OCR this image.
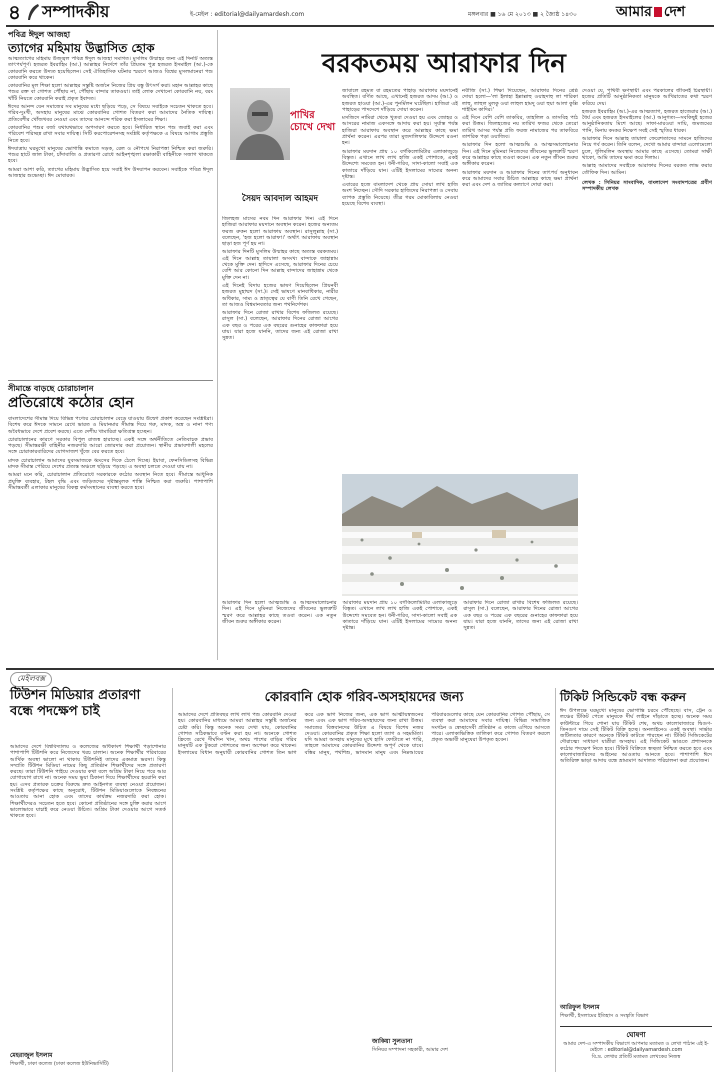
৪ সম্পাদকীয়	ই-মেইল : editorial@dailyamardesh.com	মঙ্গলবার ■ ১৬ মে ২০১৩ ■ ২ জ্যৈষ্ঠ ১৪৩০	আমার দেশ
পবিত্র ঈদুল আজহা
ত্যাগের মহিমায় উদ্ভাসিত হোক

আত্মত্যাগের মহিমায় উজ্জ্বল পবিত্র ঈদুল আজহা সমাগত। মুসলিম উম্মাহর জন্য এই দিনটি অত্যন্ত তাৎপর্যপূর্ণ। হজরত ইবরাহিম (আ.) আল্লাহর নির্দেশে তাঁর প্রিয়তম পুত্র হজরত ইসমাইল (আ.)-কে কোরবানি করতে উদ্যত হয়েছিলেন। সেই ঐতিহাসিক ঘটনার স্মরণে আজও বিশ্বের মুসলমানেরা পশু কোরবানি করে থাকেন।

কোরবানির মূল শিক্ষা হলো আল্লাহর সন্তুষ্টি অর্জনে নিজের প্রিয় বস্তু উৎসর্গ করা। মহান আল্লাহর কাছে পশুর রক্ত বা গোশত পৌঁছায় না, পৌঁছায় বান্দার তাকওয়া। তাই লোক দেখানো কোরবানি নয়, বরং খাঁটি নিয়তে কোরবানি করাই প্রকৃত ইবাদত।

ঈদের আনন্দ যেন সমাজের সব মানুষের মধ্যে ছড়িয়ে পড়ে, সে বিষয়ে সবাইকে সচেতন থাকতে হবে। গরিব-দুঃখী, অসহায় মানুষের মাঝে কোরবানির গোশত বিতরণ করা আমাদের নৈতিক দায়িত্ব। প্রতিবেশীর খোঁজখবর নেওয়া এবং তাদের আনন্দে শরিক করা ইসলামের শিক্ষা।

কোরবানির পশুর বর্জ্য যথাযথভাবে অপসারণ করতে হবে। নির্ধারিত স্থানে পশু জবাই করা এবং পরিবেশ পরিচ্ছন্ন রাখা সবার দায়িত্ব। সিটি করপোরেশনসহ সংশ্লিষ্ট কর্তৃপক্ষকে এ বিষয়ে আগাম প্রস্তুতি নিতে হবে।

ঈদযাত্রায় ঘরমুখো মানুষের ভোগান্তি কমাতে সড়ক, রেল ও নৌপথে নিরাপত্তা নিশ্চিত করা জরুরি। পশুর হাটে জাল টাকা, চাঁদাবাজি ও প্রতারণা রোধে আইনশৃঙ্খলা রক্ষাকারী বাহিনীকে সজাগ থাকতে হবে।

আমরা আশা করি, ত্যাগের মহিমায় উদ্ভাসিত হয়ে সবাই ঈদ উদযাপন করবেন। সবাইকে পবিত্র ঈদুল আজহার শুভেচ্ছা। ঈদ মোবারক।

সীমান্তে বাড়ছে চোরাচালান
প্রতিরোধে কঠোর হোন

বাংলাদেশের সীমান্ত দিয়ে বিভিন্ন পণ্যের চোরাচালান বেড়ে যাওয়ায় উদ্বেগ প্রকাশ করেছেন সংশ্লিষ্টরা। বিশেষ করে ঈদকে সামনে রেখে ভারত ও মিয়ানমার সীমান্ত দিয়ে গরু, মাদক, অস্ত্র ও নানা পণ্য অবৈধভাবে দেশে প্রবেশ করছে। এতে দেশীয় খামারিরা ক্ষতিগ্রস্ত হচ্ছেন।

চোরাচালানের কারণে সরকার বিপুল রাজস্ব হারাচ্ছে। একই সঙ্গে অর্থনীতিতে নেতিবাচক প্রভাব পড়ছে। সীমান্তরক্ষী বাহিনীর নজরদারি আরো জোরদার করা প্রয়োজন। স্থানীয় প্রভাবশালী মহলের সঙ্গে চোরাকারবারিদের যোগসাজশ খুঁজে বের করতে হবে।

মাদক চোরাচালান আমাদের যুবসমাজকে ধ্বংসের দিকে ঠেলে দিচ্ছে। ইয়াবা, ফেনসিডিলসহ বিভিন্ন মাদক সীমান্ত পেরিয়ে দেশের প্রত্যন্ত অঞ্চলে ছড়িয়ে পড়ছে। এ অবস্থা চলতে দেওয়া যায় না।

আমরা মনে করি, চোরাচালান প্রতিরোধে সরকারকে কঠোর অবস্থান নিতে হবে। সীমান্তে আধুনিক প্রযুক্তি ব্যবহার, টহল বৃদ্ধি এবং জড়িতদের দৃষ্টান্তমূলক শাস্তি নিশ্চিত করা জরুরি। পাশাপাশি সীমান্তবর্তী এলাকার মানুষের বিকল্প কর্মসংস্থানের ব্যবস্থা করতে হবে।

বরকতময় আরাফার দিন
পাখির চোখে দেখা
সৈয়দ আবদাল আহমদ

জিলহজ মাসের নবম দিন আরাফার দিন। এই দিনে হাজিরা আরাফার ময়দানে অবস্থান করেন। হজের অন্যতম ফরজ রুকন হলো আরাফায় অবস্থান। রাসুলুল্লাহ (সা.) বলেছেন, 'হজ হলো আরাফা।' অর্থাৎ আরাফায় অবস্থান ছাড়া হজ পূর্ণ হয় না।

আরাফার দিনটি মুসলিম উম্মাহর কাছে অত্যন্ত বরকতময়। এই দিনে আল্লাহ তায়ালা অসংখ্য বান্দাকে জাহান্নাম থেকে মুক্তি দেন। হাদিসে এসেছে, আরাফার দিনের চেয়ে বেশি আর কোনো দিন আল্লাহ বান্দাদের জাহান্নাম থেকে মুক্তি দেন না।

এই দিনেই বিদায় হজের ভাষণ দিয়েছিলেন প্রিয়নবী হজরত মুহাম্মদ (সা.)। সেই ভাষণে মানবাধিকার, নারীর অধিকার, সাম্য ও ভ্রাতৃত্বের যে বাণী তিনি রেখে গেছেন, তা আজও বিশ্বমানবতার জন্য পথনির্দেশক।

আরাফার দিনে রোজা রাখার বিশেষ ফজিলত রয়েছে। রাসুল (সা.) বলেছেন, আরাফার দিনের রোজা আগের এক বছর ও পরের এক বছরের গুনাহের কাফফারা হয়ে যায়। যারা হজে যাননি, তাদের জন্য এই রোজা রাখা সুন্নত।

জাবালে রহমত বা রহমতের পাহাড় আরাফার ময়দানেই অবস্থিত। বর্ণিত আছে, এখানেই হজরত আদম (আ.) ও হজরত হাওয়া (আ.)-এর পুনর্মিলন ঘটেছিল। হাজিরা এই পাহাড়ের পাদদেশে দাঁড়িয়ে দোয়া করেন।

মসজিদে নামিরা থেকে খুতবা দেওয়া হয় এবং জোহর ও আসরের নামাজ একসঙ্গে আদায় করা হয়। সূর্যাস্ত পর্যন্ত হাজিরা আরাফায় অবস্থান করে আল্লাহর কাছে ক্ষমা প্রার্থনা করেন। এরপর তারা মুজদালিফার উদ্দেশে রওনা হন।

আরাফার ময়দান প্রায় ১০ বর্গকিলোমিটার এলাকাজুড়ে বিস্তৃত। এখানে লাখ লাখ হাজি একই পোশাকে, একই উদ্দেশ্যে সমবেত হন। ধনী-গরিব, সাদা-কালো সবাই এক কাতারে দাঁড়িয়ে যান। এটিই ইসলামের সাম্যের অনন্য দৃষ্টান্ত।

এবারের হজে বাংলাদেশ থেকে প্রায় সোয়া লাখ হাজি অংশ নিচ্ছেন। সৌদি সরকার হাজিদের নিরাপত্তা ও সেবায় ব্যাপক প্রস্তুতি নিয়েছে। তীব্র গরম মোকাবিলায় নেওয়া হয়েছে বিশেষ ব্যবস্থা।

নবীজি (সা.) শিক্ষা দিয়েছেন, আরাফার দিনের শ্রেষ্ঠ দোয়া হলো—'লা ইলাহা ইল্লাল্লাহু ওয়াহদাহু লা শারিকা লাহু, লাহুল মুলকু ওয়া লাহুল হামদু ওয়া হুয়া আলা কুল্লি শাইয়িন কাদির।'

এই দিনে বেশি বেশি তাকবির, তাহলিল ও তাসবিহ পাঠ করা উত্তম। জিলহজের নয় তারিখ ফজর থেকে তেরো তারিখ আসর পর্যন্ত প্রতি ফরজ নামাজের পর তাকবিরে তাশরিক পড়া ওয়াজিব।

আরাফার দিন হলো আত্মশুদ্ধি ও আত্মসমালোচনার দিন। এই দিনে মুমিনরা নিজেদের জীবনের ভুলত্রুটি স্মরণ করে আল্লাহর কাছে তওবা করেন। এক নতুন জীবন শুরুর অঙ্গীকার করেন।

আরাফার ময়দান ও আরাফার দিনের তাৎপর্য অনুধাবন করে আমাদের সবার উচিত আল্লাহর কাছে ক্ষমা প্রার্থনা করা এবং দেশ ও জাতির কল্যাণে দোয়া করা।

দেওয়া যে, পৃথিবী ক্ষণস্থায়ী এবং পরকালের জীবনই চিরস্থায়ী। হজের প্রতিটি আনুষ্ঠানিকতা মানুষকে আখিরাতের কথা স্মরণ করিয়ে দেয়।

হজরত ইবরাহিম (আ.)-এর আত্মত্যাগ, হজরত হাজেরার (আ.) ধৈর্য এবং হজরত ইসমাইলের (আ.) আনুগত্য—সবকিছুই হজের আনুষ্ঠানিকতায় মিশে আছে। সাফা-মারওয়া সায়ি, জমজমের পানি, মিনায় কংকর নিক্ষেপ সবই সেই স্মৃতির ধারক।

আরাফার দিনে আল্লাহ তায়ালা ফেরেশতাদের সামনে হাজিদের নিয়ে গর্ব করেন। তিনি বলেন, দেখো আমার বান্দারা এলোমেলো চুলে, ধূলিমলিন অবস্থায় আমার কাছে এসেছে। তোমরা সাক্ষী থাকো, আমি তাদের ক্ষমা করে দিলাম।

আল্লাহ আমাদের সবাইকে আরাফার দিনের বরকত লাভ করার তৌফিক দিন। আমিন।

লেখক : সিনিয়র সাংবাদিক, বাংলাদেশ সংবাদপত্রের প্রবীণ সম্পাদকীয় লেখক

আরাফার দিন হলো আত্মশুদ্ধি ও আত্মসমালোচনার দিন। এই দিনে মুমিনরা নিজেদের জীবনের ভুলত্রুটি স্মরণ করে আল্লাহর কাছে তওবা করেন। এক নতুন জীবন শুরুর অঙ্গীকার করেন।

আরাফার ময়দান প্রায় ১০ বর্গকিলোমিটার এলাকাজুড়ে বিস্তৃত। এখানে লাখ লাখ হাজি একই পোশাকে, একই উদ্দেশ্যে সমবেত হন। ধনী-গরিব, সাদা-কালো সবাই এক কাতারে দাঁড়িয়ে যান। এটিই ইসলামের সাম্যের অনন্য দৃষ্টান্ত।

আরাফার দিনে রোজা রাখার বিশেষ ফজিলত রয়েছে। রাসুল (সা.) বলেছেন, আরাফার দিনের রোজা আগের এক বছর ও পরের এক বছরের গুনাহের কাফফারা হয়ে যায়। যারা হজে যাননি, তাদের জন্য এই রোজা রাখা সুন্নত।

মেইলবক্স
টিউশন মিডিয়ার প্রতারণা বন্ধে পদক্ষেপ চাই
আমাদের দেশে বিশ্ববিদ্যালয় ও কলেজের অধিকাংশ শিক্ষার্থী পড়াশোনার পাশাপাশি টিউশনি করে নিজেদের খরচ চালান। অনেক শিক্ষার্থীর পরিবারের আর্থিক অবস্থা ভালো না থাকায় টিউশনিই তাদের একমাত্র ভরসা। কিন্তু সম্প্রতি টিউশন মিডিয়া নামের কিছু প্রতিষ্ঠান শিক্ষার্থীদের সঙ্গে প্রতারণা করছে। তারা টিউশনি পাইয়ে দেওয়ার কথা বলে অগ্রিম টাকা নিয়ে পরে আর যোগাযোগ রাখে না। অনেক সময় ভুয়া ঠিকানা দিয়ে শিক্ষার্থীদের হয়রানি করা হয়। এসব প্রতারক চক্রের বিরুদ্ধে দ্রুত আইনগত ব্যবস্থা নেওয়া প্রয়োজন। সংশ্লিষ্ট কর্তৃপক্ষের কাছে অনুরোধ, টিউশন মিডিয়াগুলোকে নিবন্ধনের আওতায় আনা হোক এবং তাদের কার্যক্রম নজরদারি করা হোক। শিক্ষার্থীদেরও সচেতন হতে হবে। কোনো প্রতিষ্ঠানের সঙ্গে চুক্তি করার আগে ভালোভাবে যাচাই করে নেওয়া উচিত। অগ্রিম টাকা দেওয়ার আগে সতর্ক থাকতে হবে।
মেহরাজুল ইসলাম
শিক্ষার্থী, ঢাকা কলেজ (ঢাকা কলেজ ইউনিভার্সিটি)
কোরবানি হোক গরিব-অসহায়দের জন্য
আমাদের দেশে প্রতিবছর লাখ লাখ পশু কোরবানি দেওয়া হয়। কোরবানির মাধ্যমে আমরা আল্লাহর সন্তুষ্টি অর্জনের চেষ্টা করি। কিন্তু অনেক সময় দেখা যায়, কোরবানির গোশত সঠিকভাবে বণ্টন করা হয় না। অনেকে গোশত ফ্রিজে রেখে দীর্ঘদিন খান, অথচ পাশের বাড়ির গরিব মানুষটি এক টুকরো গোশতের জন্য অপেক্ষা করে থাকেন। ইসলামের বিধান অনুযায়ী কোরবানির গোশত তিন ভাগ করে এক ভাগ নিজের জন্য, এক ভাগ আত্মীয়স্বজনের জন্য এবং এক ভাগ গরিব-অসহায়দের জন্য রাখা উত্তম। সমাজের বিত্তবানদের উচিত এ বিষয়ে বিশেষ নজর দেওয়া। কোরবানির প্রকৃত শিক্ষা হলো ত্যাগ ও সহমর্মিতা। যদি আমরা অসহায় মানুষের মুখে হাসি ফোটাতে না পারি, তাহলে আমাদের কোরবানির উদ্দেশ্য অপূর্ণ থেকে যাবে। বস্তির মানুষ, পথশিশু, ভাসমান মানুষ এবং নিম্নআয়ের পরিবারগুলোর কাছে যেন কোরবানির গোশত পৌঁছায়, সে ব্যবস্থা করা আমাদের সবার দায়িত্ব। বিভিন্ন সামাজিক সংগঠন ও স্বেচ্ছাসেবী প্রতিষ্ঠান এ কাজে এগিয়ে আসতে পারে। এলাকাভিত্তিক তালিকা করে গোশত বিতরণ করলে প্রকৃত অভাবী মানুষেরা উপকৃত হবেন।
জাকিয়া সুলতানা
সিনিয়র সম্পাদনা সহকারী, আমার দেশ
টিকিট সিন্ডিকেট বন্ধ করুন
ঈদ উপলক্ষে ঘরমুখো মানুষের ভোগান্তি চরমে পৌঁছেছে। বাস, ট্রেন ও লঞ্চের টিকিট পেতে মানুষকে দীর্ঘ লাইনে দাঁড়াতে হচ্ছে। অনেক সময় কাউন্টারে গিয়ে শোনা যায় টিকিট শেষ, অথচ কালোবাজারে দ্বিগুণ-তিনগুণ দামে সেই টিকিট বিক্রি হচ্ছে। অনলাইনেও একই অবস্থা। সার্ভার জটিলতার কারণে অনেকে টিকিট কাটতে পারছেন না। টিকিট সিন্ডিকেটের দৌরাত্ম্যে সাধারণ যাত্রীরা অসহায়। এই সিন্ডিকেট ভাঙতে প্রশাসনকে কঠোর পদক্ষেপ নিতে হবে। টিকিট বিক্রিতে স্বচ্ছতা নিশ্চিত করতে হবে এবং কালোবাজারিদের আইনের আওতায় আনতে হবে। পাশাপাশি ঈদে অতিরিক্ত ভাড়া আদায় বন্ধে ভ্রাম্যমাণ আদালত পরিচালনা করা প্রয়োজন।
আরিফুল ইসলাম
শিক্ষার্থী, ইসলামের ইতিহাস ও সংস্কৃতি বিভাগ
ঘোষণা
আমার দেশ-এ সম্পাদকীয় বিভাগে আপনার মতামত ও লেখা পাঠান এই ই-মেইলে : editorial@dailyamardesh.com
বি.দ্র. লেখার প্রতিটি মতামত লেখকের নিজস্ব
